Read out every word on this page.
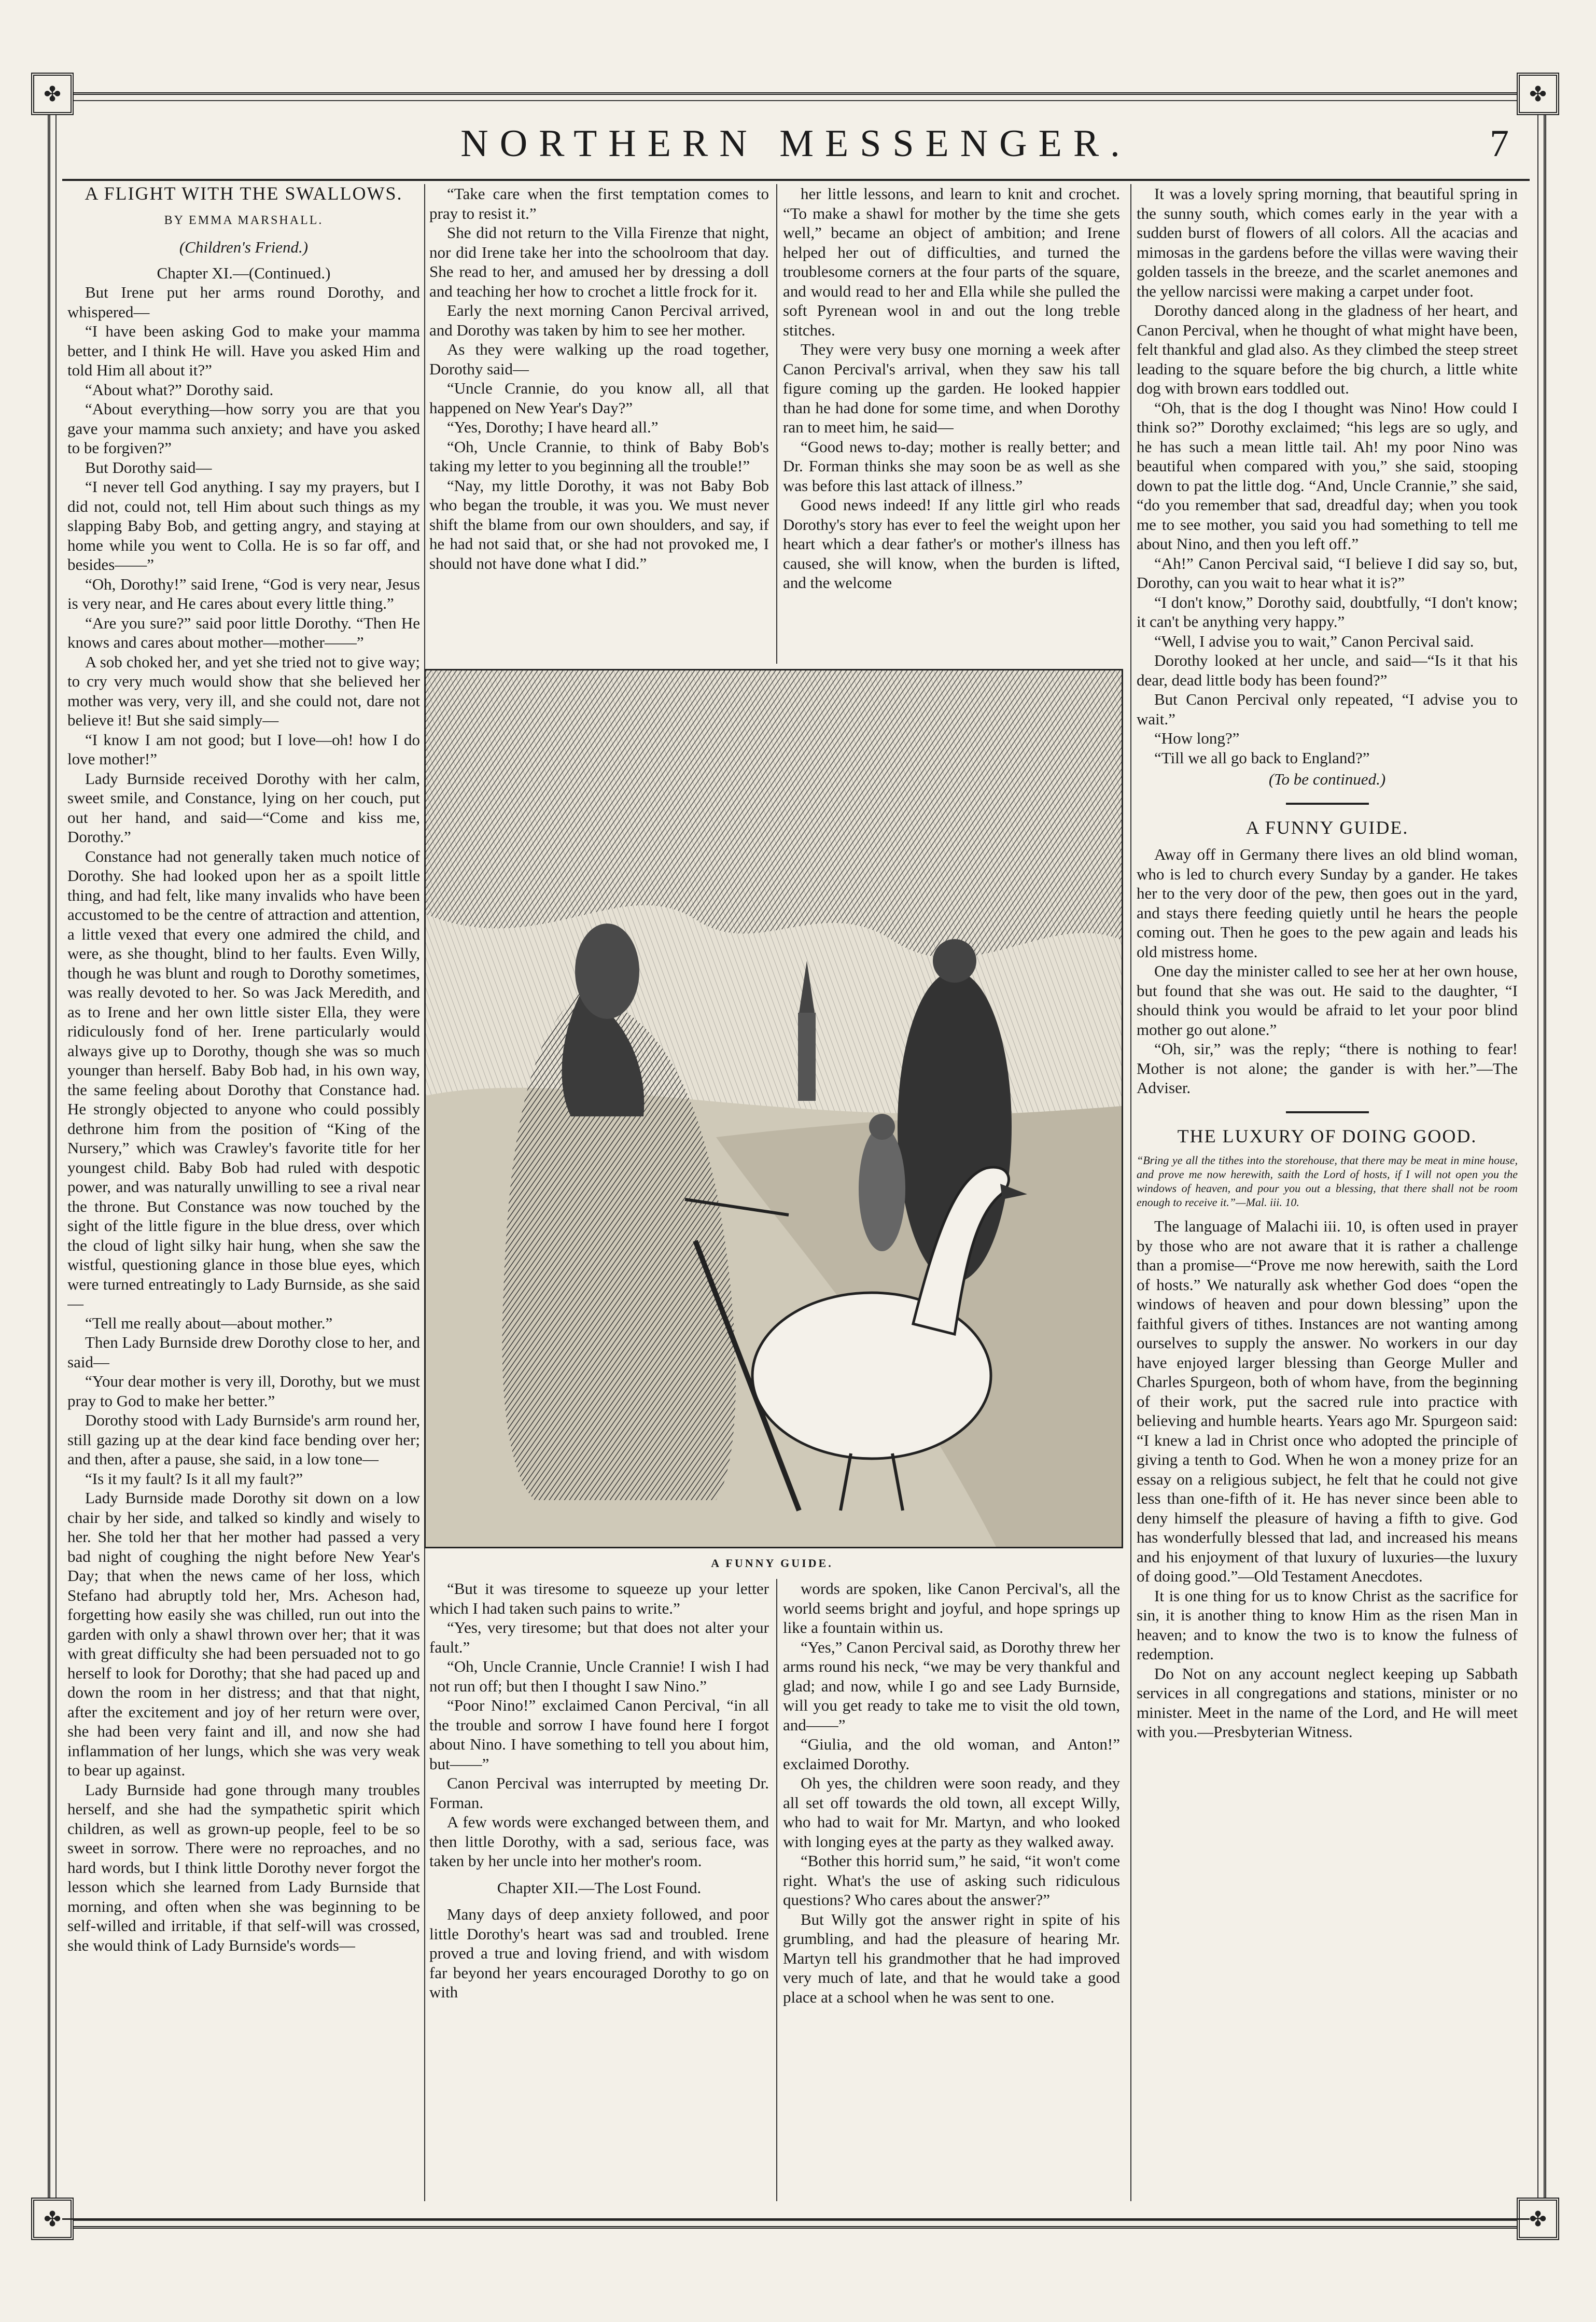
✤	✤
✤	✤
NORTHERN MESSENGER.	7
A FLIGHT WITH THE SWALLOWS.
BY EMMA MARSHALL.
(Children's Friend.)

Chapter XI.—(Continued.)

But Irene put her arms round Dorothy, and whispered—

“I have been asking God to make your mamma better, and I think He will. Have you asked Him and told Him all about it?”

“About what?” Dorothy said.

“About everything—how sorry you are that you gave your mamma such anxiety; and have you asked to be forgiven?”

But Dorothy said—

“I never tell God anything. I say my prayers, but I did not, could not, tell Him about such things as my slapping Baby Bob, and getting angry, and staying at home while you went to Colla. He is so far off, and besides——”

“Oh, Dorothy!” said Irene, “God is very near, Jesus is very near, and He cares about every little thing.”

“Are you sure?” said poor little Dorothy. “Then He knows and cares about mother—mother——”

A sob choked her, and yet she tried not to give way; to cry very much would show that she believed her mother was very, very ill, and she could not, dare not believe it! But she said simply—

“I know I am not good; but I love—oh! how I do love mother!”

Lady Burnside received Dorothy with her calm, sweet smile, and Constance, lying on her couch, put out her hand, and said—“Come and kiss me, Dorothy.”

Constance had not generally taken much notice of Dorothy. She had looked upon her as a spoilt little thing, and had felt, like many invalids who have been accustomed to be the centre of attraction and attention, a little vexed that every one admired the child, and were, as she thought, blind to her faults. Even Willy, though he was blunt and rough to Dorothy sometimes, was really devoted to her. So was Jack Meredith, and as to Irene and her own little sister Ella, they were ridiculously fond of her. Irene particularly would always give up to Dorothy, though she was so much younger than herself. Baby Bob had, in his own way, the same feeling about Dorothy that Constance had. He strongly objected to anyone who could possibly dethrone him from the position of “King of the Nursery,” which was Crawley's favorite title for her youngest child. Baby Bob had ruled with despotic power, and was naturally unwilling to see a rival near the throne. But Constance was now touched by the sight of the little figure in the blue dress, over which the cloud of light silky hair hung, when she saw the wistful, questioning glance in those blue eyes, which were turned entreatingly to Lady Burnside, as she said—

“Tell me really about—about mother.”

Then Lady Burnside drew Dorothy close to her, and said—

“Your dear mother is very ill, Dorothy, but we must pray to God to make her better.”

Dorothy stood with Lady Burnside's arm round her, still gazing up at the dear kind face bending over her; and then, after a pause, she said, in a low tone—

“Is it my fault? Is it all my fault?”

Lady Burnside made Dorothy sit down on a low chair by her side, and talked so kindly and wisely to her. She told her that her mother had passed a very bad night of coughing the night before New Year's Day; that when the news came of her loss, which Stefano had abruptly told her, Mrs. Acheson had, forgetting how easily she was chilled, run out into the garden with only a shawl thrown over her; that it was with great difficulty she had been persuaded not to go herself to look for Dorothy; that she had paced up and down the room in her distress; and that that night, after the excitement and joy of her return were over, she had been very faint and ill, and now she had inflammation of her lungs, which she was very weak to bear up against.

Lady Burnside had gone through many troubles herself, and she had the sympathetic spirit which children, as well as grown-up people, feel to be so sweet in sorrow. There were no reproaches, and no hard words, but I think little Dorothy never forgot the lesson which she learned from Lady Burnside that morning, and often when she was beginning to be self-willed and irritable, if that self-will was crossed, she would think of Lady Burnside's words—

“Take care when the first temptation comes to pray to resist it.”

She did not return to the Villa Firenze that night, nor did Irene take her into the schoolroom that day. She read to her, and amused her by dressing a doll and teaching her how to crochet a little frock for it.

Early the next morning Canon Percival arrived, and Dorothy was taken by him to see her mother.

As they were walking up the road together, Dorothy said—

“Uncle Crannie, do you know all, all that happened on New Year's Day?”

“Yes, Dorothy; I have heard all.”

“Oh, Uncle Crannie, to think of Baby Bob's taking my letter to you beginning all the trouble!”

“Nay, my little Dorothy, it was not Baby Bob who began the trouble, it was you. We must never shift the blame from our own shoulders, and say, if he had not said that, or she had not provoked me, I should not have done what I did.”

her little lessons, and learn to knit and crochet. “To make a shawl for mother by the time she gets well,” became an object of ambition; and Irene helped her out of difficulties, and turned the troublesome corners at the four parts of the square, and would read to her and Ella while she pulled the soft Pyrenean wool in and out the long treble stitches.

They were very busy one morning a week after Canon Percival's arrival, when they saw his tall figure coming up the garden. He looked happier than he had done for some time, and when Dorothy ran to meet him, he said—

“Good news to-day; mother is really better; and Dr. Forman thinks she may soon be as well as she was before this last attack of illness.”

Good news indeed! If any little girl who reads Dorothy's story has ever to feel the weight upon her heart which a dear father's or mother's illness has caused, she will know, when the burden is lifted, and the welcome

It was a lovely spring morning, that beautiful spring in the sunny south, which comes early in the year with a sudden burst of flowers of all colors. All the acacias and mimosas in the gardens before the villas were waving their golden tassels in the breeze, and the scarlet anemones and the yellow narcissi were making a carpet under foot.

Dorothy danced along in the gladness of her heart, and Canon Percival, when he thought of what might have been, felt thankful and glad also. As they climbed the steep street leading to the square before the big church, a little white dog with brown ears toddled out.

“Oh, that is the dog I thought was Nino! How could I think so?” Dorothy exclaimed; “his legs are so ugly, and he has such a mean little tail. Ah! my poor Nino was beautiful when compared with you,” she said, stooping down to pat the little dog. “And, Uncle Crannie,” she said, “do you remember that sad, dreadful day; when you took me to see mother, you said you had something to tell me about Nino, and then you left off.”

“Ah!” Canon Percival said, “I believe I did say so, but, Dorothy, can you wait to hear what it is?”

“I don't know,” Dorothy said, doubtfully, “I don't know; it can't be anything very happy.”

“Well, I advise you to wait,” Canon Percival said.

Dorothy looked at her uncle, and said—“Is it that his dear, dead little body has been found?”

But Canon Percival only repeated, “I advise you to wait.”

“How long?”

“Till we all go back to England?”

(To be continued.)

A FUNNY GUIDE.

Away off in Germany there lives an old blind woman, who is led to church every Sunday by a gander. He takes her to the very door of the pew, then goes out in the yard, and stays there feeding quietly until he hears the people coming out. Then he goes to the pew again and leads his old mistress home.

One day the minister called to see her at her own house, but found that she was out. He said to the daughter, “I should think you would be afraid to let your poor blind mother go out alone.”

“Oh, sir,” was the reply; “there is nothing to fear! Mother is not alone; the gander is with her.”—The Adviser.

THE LUXURY OF DOING GOOD.

“Bring ye all the tithes into the storehouse, that there may be meat in mine house, and prove me now herewith, saith the Lord of hosts, if I will not open you the windows of heaven, and pour you out a blessing, that there shall not be room enough to receive it.”—Mal. iii. 10.

The language of Malachi iii. 10, is often used in prayer by those who are not aware that it is rather a challenge than a promise—“Prove me now herewith, saith the Lord of hosts.” We naturally ask whether God does “open the windows of heaven and pour down blessing” upon the faithful givers of tithes. Instances are not wanting among ourselves to supply the answer. No workers in our day have enjoyed larger blessing than George Muller and Charles Spurgeon, both of whom have, from the beginning of their work, put the sacred rule into practice with believing and humble hearts. Years ago Mr. Spurgeon said: “I knew a lad in Christ once who adopted the principle of giving a tenth to God. When he won a money prize for an essay on a religious subject, he felt that he could not give less than one-fifth of it. He has never since been able to deny himself the pleasure of having a fifth to give. God has wonderfully blessed that lad, and increased his means and his enjoyment of that luxury of luxuries—the luxury of doing good.”—Old Testament Anecdotes.

It is one thing for us to know Christ as the sacrifice for sin, it is another thing to know Him as the risen Man in heaven; and to know the two is to know the fulness of redemption.

Do Not on any account neglect keeping up Sabbath services in all congregations and stations, minister or no minister. Meet in the name of the Lord, and He will meet with you.—Presbyterian Witness.

A FUNNY GUIDE.

“But it was tiresome to squeeze up your letter which I had taken such pains to write.”

“Yes, very tiresome; but that does not alter your fault.”

“Oh, Uncle Crannie, Uncle Crannie! I wish I had not run off; but then I thought I saw Nino.”

“Poor Nino!” exclaimed Canon Percival, “in all the trouble and sorrow I have found here I forgot about Nino. I have something to tell you about him, but——”

Canon Percival was interrupted by meeting Dr. Forman.

A few words were exchanged between them, and then little Dorothy, with a sad, serious face, was taken by her uncle into her mother's room.

Chapter XII.—The Lost Found.

Many days of deep anxiety followed, and poor little Dorothy's heart was sad and troubled. Irene proved a true and loving friend, and with wisdom far beyond her years encouraged Dorothy to go on with

words are spoken, like Canon Percival's, all the world seems bright and joyful, and hope springs up like a fountain within us.

“Yes,” Canon Percival said, as Dorothy threw her arms round his neck, “we may be very thankful and glad; and now, while I go and see Lady Burnside, will you get ready to take me to visit the old town, and——”

“Giulia, and the old woman, and Anton!” exclaimed Dorothy.

Oh yes, the children were soon ready, and they all set off towards the old town, all except Willy, who had to wait for Mr. Martyn, and who looked with longing eyes at the party as they walked away.

“Bother this horrid sum,” he said, “it won't come right. What's the use of asking such ridiculous questions? Who cares about the answer?”

But Willy got the answer right in spite of his grumbling, and had the pleasure of hearing Mr. Martyn tell his grandmother that he had improved very much of late, and that he would take a good place at a school when he was sent to one.
